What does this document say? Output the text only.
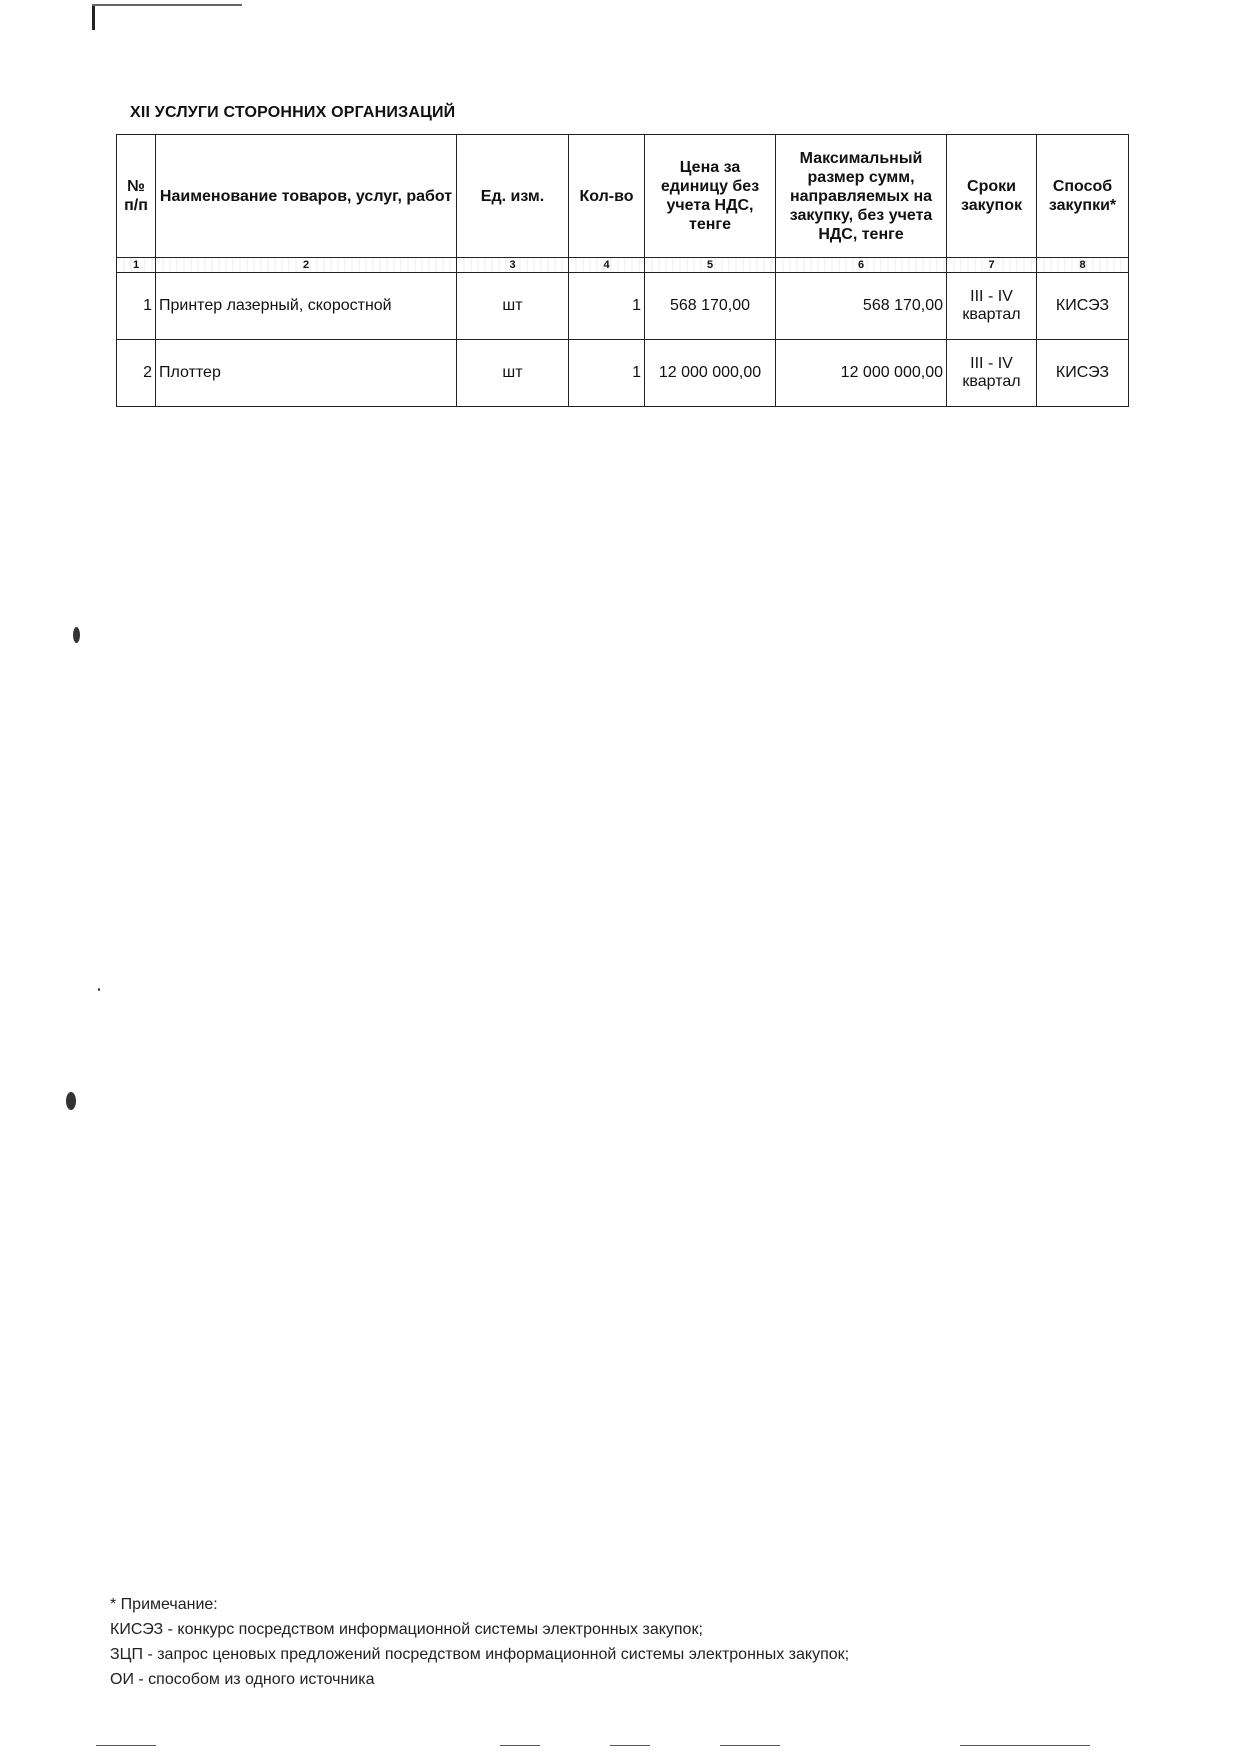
XII УСЛУГИ СТОРОННИХ ОРГАНИЗАЦИЙ
№ п/п	Наименование товаров, услуг, работ	Ед. изм.	Кол-во	Цена за единицу без учета НДС, тенге	Максимальный размер сумм, направляемых на закупку, без учета НДС, тенге	Сроки закупок	Способ закупки*
1	2	3	4	5	6	7	8
1	Принтер лазерный, скоростной	шт	1	568 170,00	568 170,00	III - IV квартал	КИСЭЗ
2	Плоттер	шт	1	12 000 000,00	12 000 000,00	III - IV квартал	КИСЭЗ
* Примечание:
КИСЭЗ - конкурс посредством информационной системы электронных закупок;
ЗЦП - запрос ценовых предложений посредством информационной системы электронных закупок;
ОИ - способом из одного источника
